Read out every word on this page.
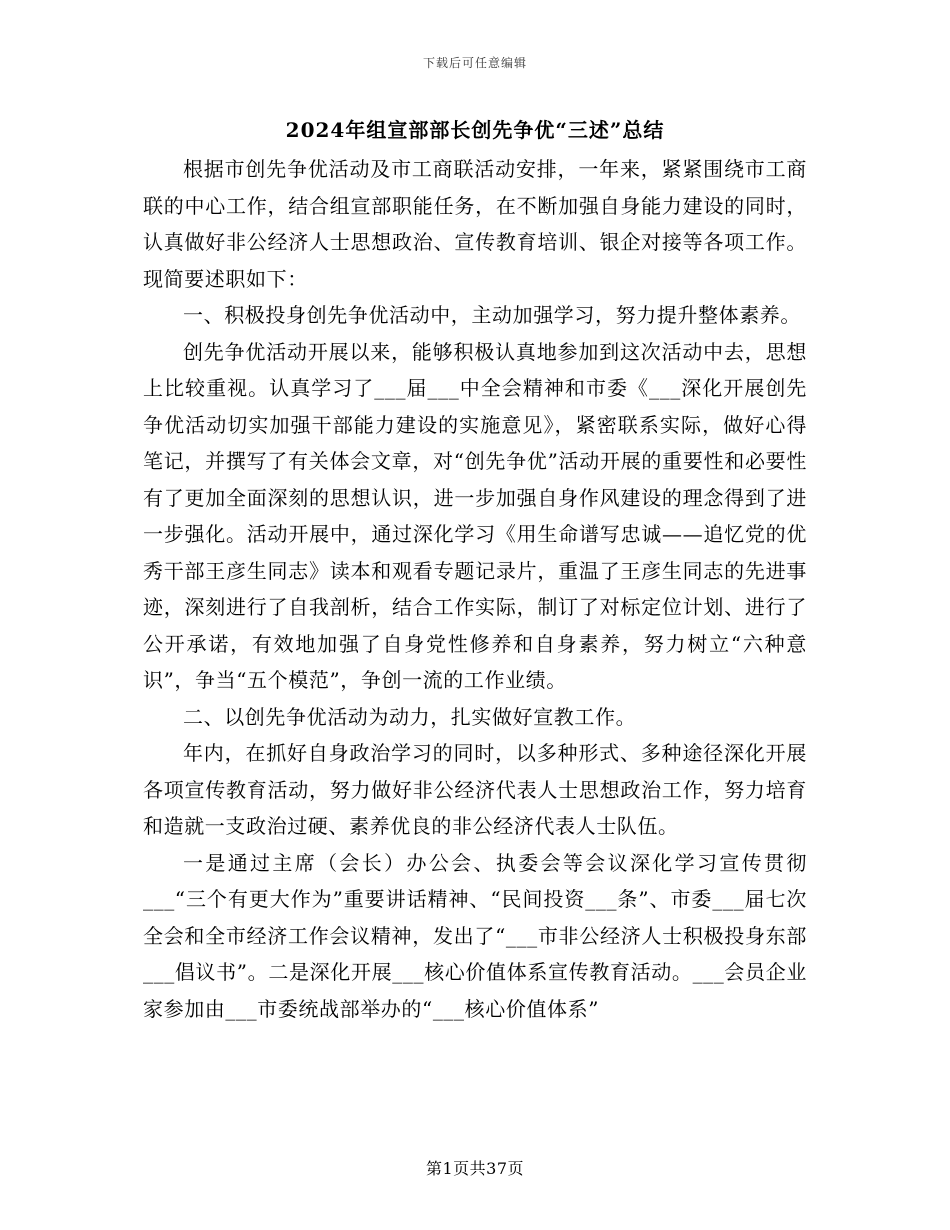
下载后可任意编辑
2024年组宣部部长创先争优“三述”总结

根据市创先争优活动及市工商联活动安排，一年来，紧紧围绕市工商联的中心工作，结合组宣部职能任务，在不断加强自身能力建设的同时，认真做好非公经济人士思想政治、宣传教育培训、银企对接等各项工作。现简要述职如下：

一、积极投身创先争优活动中，主动加强学习，努力提升整体素养。

创先争优活动开展以来，能够积极认真地参加到这次活动中去，思想上比较重视。认真学习了___届___中全会精神和市委《___深化开展创先争优活动切实加强干部能力建设的实施意见》，紧密联系实际，做好心得笔记，并撰写了有关体会文章，对“创先争优”活动开展的重要性和必要性有了更加全面深刻的思想认识，进一步加强自身作风建设的理念得到了进一步强化。活动开展中，通过深化学习《用生命谱写忠诚——追忆党的优秀干部王彦生同志》读本和观看专题记录片，重温了王彦生同志的先进事迹，深刻进行了自我剖析，结合工作实际，制订了对标定位计划、进行了公开承诺，有效地加强了自身党性修养和自身素养，努力树立“六种意识”，争当“五个模范”，争创一流的工作业绩。

二、以创先争优活动为动力，扎实做好宣教工作。

年内，在抓好自身政治学习的同时，以多种形式、多种途径深化开展各项宣传教育活动，努力做好非公经济代表人士思想政治工作，努力培育和造就一支政治过硬、素养优良的非公经济代表人士队伍。

一是通过主席（会长）办公会、执委会等会议深化学习宣传贯彻___“三个有更大作为”重要讲话精神、“民间投资___条”、市委___届七次全会和全市经济工作会议精神，发出了“___市非公经济人士积极投身东部___倡议书”。二是深化开展___核心价值体系宣传教育活动。___会员企业家参加由___市委统战部举办的“___核心价值体系”

第1页共37页
